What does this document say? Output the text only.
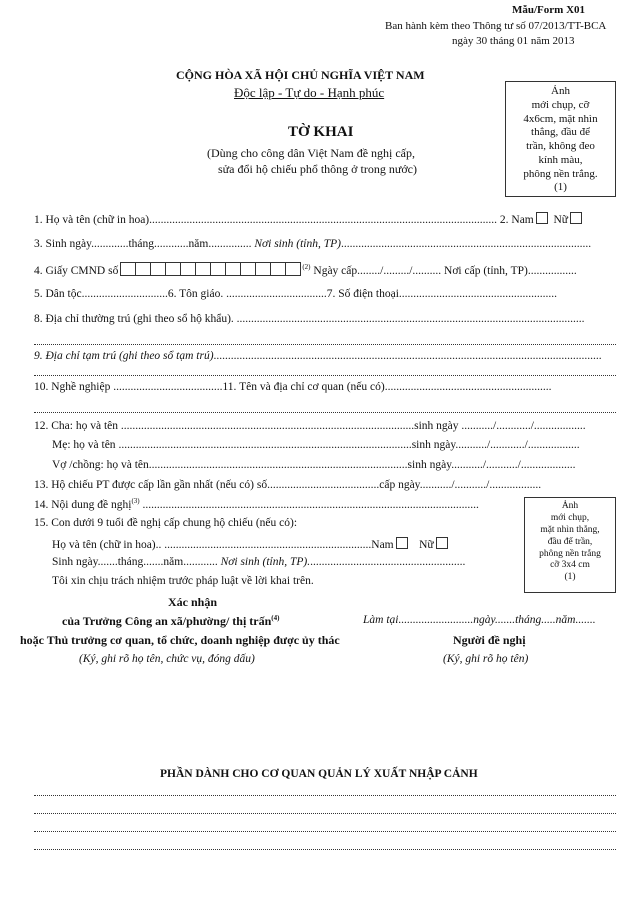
Mẫu/Form X01
Ban hành kèm theo Thông tư số 07/2013/TT-BCA
ngày 30 tháng 01 năm 2013
CỘNG HÒA XÃ HỘI CHỦ NGHĨA VIỆT NAM
Độc lập - Tự do - Hạnh phúc
TỜ KHAI
(Dùng cho công dân Việt Nam đề nghị cấp,
sửa đổi hộ chiếu phổ thông ở trong nước)
Ảnh
mới chụp, cỡ
4x6cm, mặt nhìn
thẳng, đầu để
trần, không đeo
kính màu,
phông nền trắng.
(1)
1. Họ và tên (chữ in hoa)......................................................................................................................... 2. Nam Nữ
3. Sinh ngày.............tháng............năm............... Nơi sinh (tỉnh, TP).......................................................................................
4. Giấy CMND số	$^{(2)}$ Ngày cấp......../........./.......... Nơi cấp (tỉnh, TP).................
5. Dân tộc..............................6. Tôn giáo. ...................................7. Số điện thoại.......................................................
8. Địa chỉ thường trú (ghi theo sổ hộ khẩu). .........................................................................................................................
9. Địa chỉ tạm trú (ghi theo sổ tạm trú).......................................................................................................................................
10. Nghề nghiệp ......................................11. Tên và địa chỉ cơ quan (nếu có)..........................................................
12. Cha: họ và tên ......................................................................................................sinh ngày .........../............/..................
Mẹ: họ và tên ......................................................................................................sinh ngày.........../............/..................
Vợ /chồng: họ và tên..........................................................................................sinh ngày.........../.........../...................
13. Hộ chiếu PT được cấp lần gần nhất (nếu có) số.......................................cấp ngày.........../.........../..................
14. Nội dung đề nghị$^{(3)}$ .....................................................................................................................
15. Con dưới 9 tuổi đề nghị cấp chung hộ chiếu (nếu có):
Họ và tên (chữ in hoa).. ........................................................................Nam Nữ
Sinh ngày.......tháng.......năm............ Nơi sinh (tỉnh, TP).......................................................
Tôi xin chịu trách nhiệm trước pháp luật về lời khai trên.
Ảnh
mới chụp,
mặt nhìn thẳng,
đầu để trần,
phông nền trắng
cỡ 3x4 cm
(1)
Xác nhận
của Trưởng Công an xã/phường/ thị trấn$^{(4)}$	Làm tại..........................ngày.......tháng.....năm.......
hoặc Thủ trưởng cơ quan, tổ chức, doanh nghiệp được ủy thác	Người đề nghị
(Ký, ghi rõ họ tên, chức vụ, đóng dấu)	(Ký, ghi rõ họ tên)
PHẦN DÀNH CHO CƠ QUAN QUẢN LÝ XUẤT NHẬP CẢNH
